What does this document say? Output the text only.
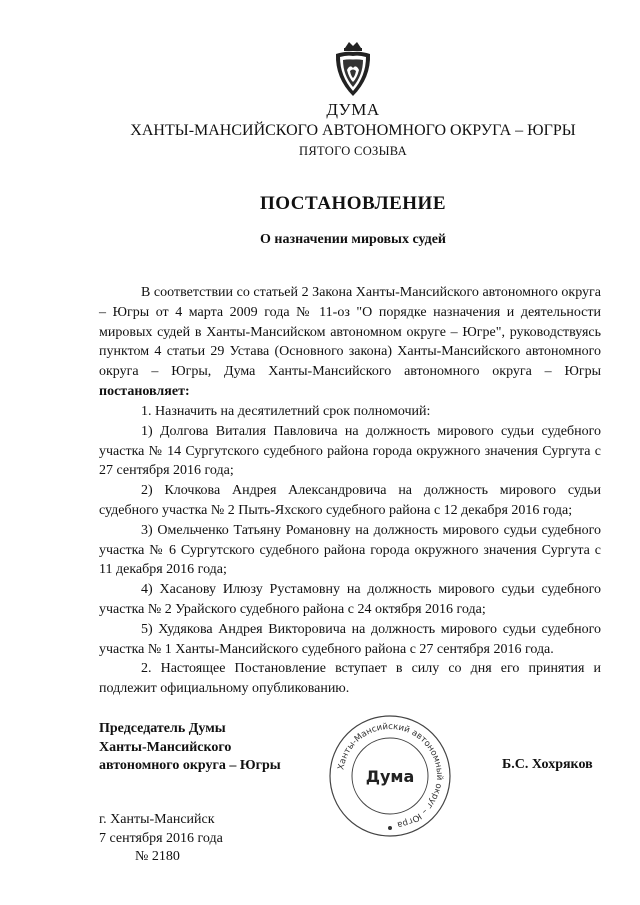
ДУМА
ХАНТЫ-МАНСИЙСКОГО АВТОНОМНОГО ОКРУГА – ЮГРЫ
ПЯТОГО СОЗЫВА
ПОСТАНОВЛЕНИЕ
О назначении мировых судей

В соответствии со статьей 2 Закона Ханты-Мансийского автономного округа – Югры от 4 марта 2009 года № 11-оз "О порядке назначения и деятельности мировых судей в Ханты-Мансийском автономном округе – Югре", руководствуясь пунктом 4 статьи 29 Устава (Основного закона) Ханты-Мансийского автономного округа – Югры, Дума Ханты-Мансийского автономного округа – Югры постановляет:

1. Назначить на десятилетний срок полномочий:

1) Долгова Виталия Павловича на должность мирового судьи судебного участка № 14 Сургутского судебного района города окружного значения Сургута с 27 сентября 2016 года;

2) Клочкова Андрея Александровича на должность мирового судьи судебного участка № 2 Пыть-Яхского судебного района с 12 декабря 2016 года;

3) Омельченко Татьяну Романовну на должность мирового судьи судебного участка № 6 Сургутского судебного района города окружного значения Сургута с 11 декабря 2016 года;

4) Хасанову Илюзу Рустамовну на должность мирового судьи судебного участка № 2 Урайского судебного района с 24 октября 2016 года;

5) Худякова Андрея Викторовича на должность мирового судьи судебного участка № 1 Ханты-Мансийского судебного района с 27 сентября 2016 года.

2. Настоящее Постановление вступает в силу со дня его принятия и подлежит официальному опубликованию.

Председатель Думы
Ханты-Мансийского
автономного округа – Югры	Ханты-Мансийский автономный округ – Югра
Дума
Б.С. Хохряков
г. Ханты-Мансийск
7 сентября 2016 года
№ 2180
